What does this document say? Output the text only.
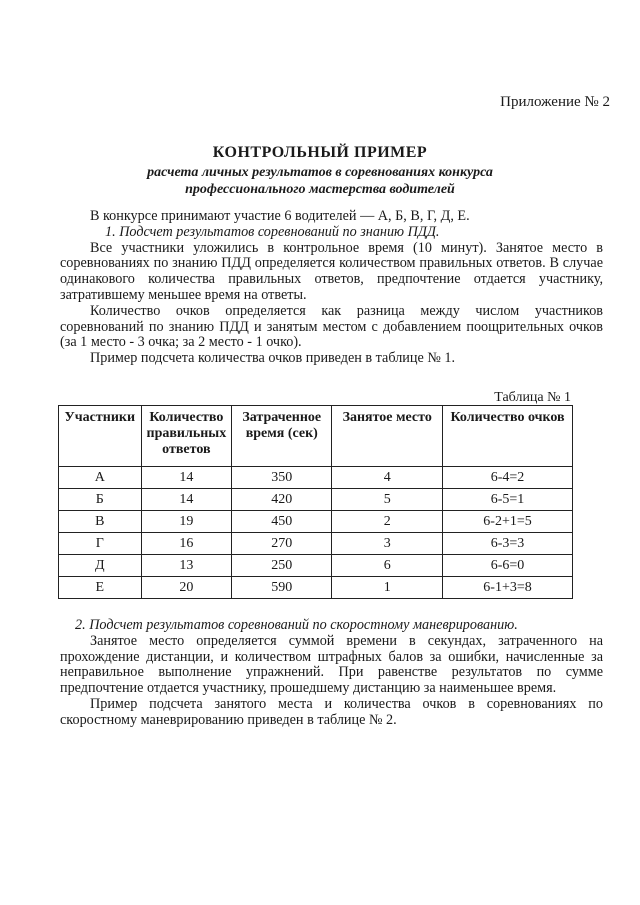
Приложение № 2
КОНТРОЛЬНЫЙ ПРИМЕР
расчета личных результатов в соревнованиях конкурса
профессионального мастерства водителей

В конкурсе принимают участие 6 водителей — А, Б, В, Г, Д, Е.

1. Подсчет результатов соревнований по знанию ПДД.

Все участники уложились в контрольное время (10 минут). Занятое место в соревнованиях по знанию ПДД определяется количеством правильных ответов. В случае одинакового количества правильных ответов, предпочтение отдается участнику, затратившему меньшее время на ответы.

Количество очков определяется как разница между числом участников соревнований по знанию ПДД и занятым местом с добавлением поощрительных очков (за 1 место - 3 очка; за 2 место - 1 очко).

Пример подсчета количества очков приведен в таблице № 1.

Таблица № 1
Участники	Количество правильных ответов	Затраченное время (сек)	Занятое место	Количество очков
А	14	350	4	6-4=2
Б	14	420	5	6-5=1
В	19	450	2	6-2+1=5
Г	16	270	3	6-3=3
Д	13	250	6	6-6=0
Е	20	590	1	6-1+3=8

2. Подсчет результатов соревнований по скоростному маневрированию.

Занятое место определяется суммой времени в секундах, затраченного на прохождение дистанции, и количеством штрафных балов за ошибки, начисленные за неправильное выполнение упражнений. При равенстве результатов по сумме предпочтение отдается участнику, прошедшему дистанцию за наименьшее время.

Пример подсчета занятого места и количества очков в соревнованиях по скоростному маневрированию приведен в таблице № 2.
